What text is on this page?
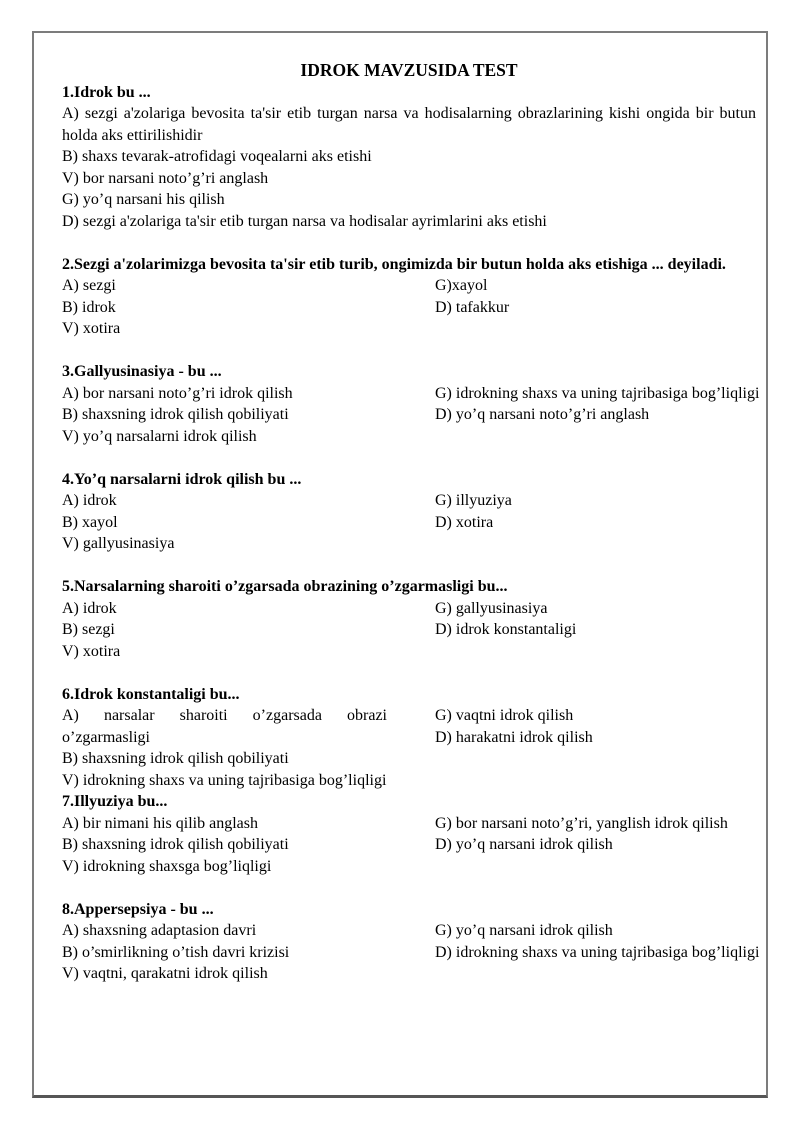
IDROK MAVZUSIDA TEST

1.Idrok bu ...

A) sezgi a'zolariga bevosita ta'sir etib turgan narsa va hodisalarning obrazlarining kishi ongida bir butun holda aks ettirilishidir

B) shaxs tevarak-atrofidagi voqealarni aks etishi

V) bor narsani noto’g’ri anglash

G) yo’q narsani his qilish

D) sezgi a'zolariga ta'sir etib turgan narsa va hodisalar ayrimlarini aks etishi

2.Sezgi a'zolarimizga bevosita ta'sir etib turib, ongimizda bir butun holda aks etishiga ... deyiladi.

A) sezgi

B) idrok

V) xotira

G)xayol

D) tafakkur

3.Gallyusinasiya - bu ...

A) bor narsani noto’g’ri idrok qilish

B) shaxsning idrok qilish qobiliyati

V) yo’q narsalarni idrok qilish

G) idrokning shaxs va uning tajribasiga bog’liqligi

D) yo’q narsani noto’g’ri anglash

4.Yo’q narsalarni idrok qilish bu ...

A) idrok

B) xayol

V) gallyusinasiya

G) illyuziya

D) xotira

5.Narsalarning sharoiti o’zgarsada obrazining o’zgarmasligi bu...

A) idrok

B) sezgi

V) xotira

G) gallyusinasiya

D) idrok konstantaligi

6.Idrok konstantaligi bu...

A) narsalar sharoiti o’zgarsada obrazi o’zgarmasligi

B) shaxsning idrok qilish qobiliyati

V) idrokning shaxs va uning tajribasiga bog’liqligi

G) vaqtni idrok qilish

D) harakatni idrok qilish

7.Illyuziya bu...

A) bir nimani his qilib anglash

B) shaxsning idrok qilish qobiliyati

V) idrokning shaxsga bog’liqligi

G) bor narsani noto’g’ri, yanglish idrok qilish

D) yo’q narsani idrok qilish

8.Appersepsiya - bu ...

A) shaxsning adaptasion davri

B) o’smirlikning o’tish davri krizisi

V) vaqtni, qarakatni idrok qilish

G) yo’q narsani idrok qilish

D) idrokning shaxs va uning tajribasiga bog’liqligi
